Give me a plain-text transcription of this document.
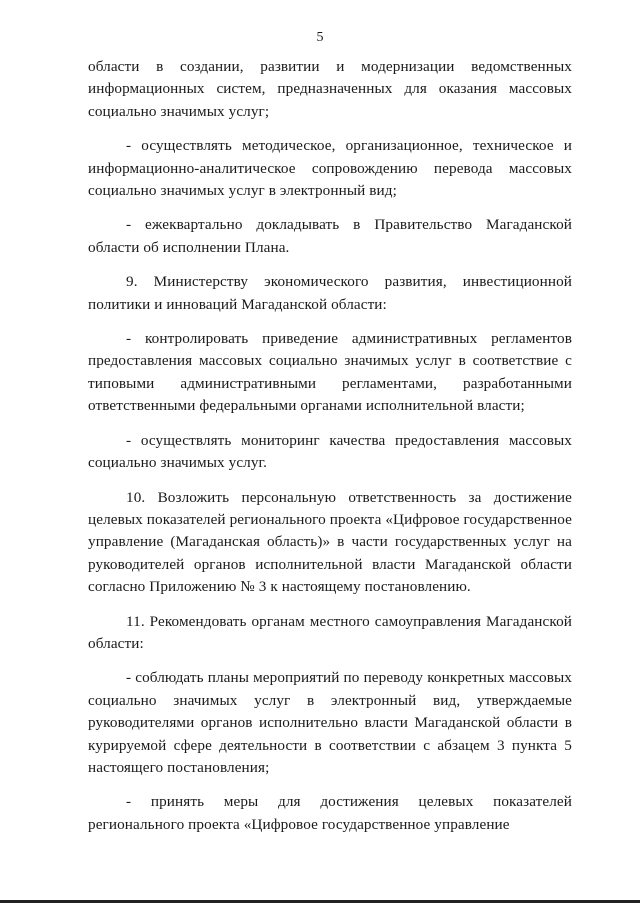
5

области в создании, развитии и модернизации ведомственных информационных систем, предназначенных для оказания массовых социально значимых услуг;

- осуществлять методическое, организационное, техническое и информационно-аналитическое сопровождению перевода массовых социально значимых услуг в электронный вид;

- ежеквартально докладывать в Правительство Магаданской области об исполнении Плана.

9. Министерству экономического развития, инвестиционной политики и инноваций Магаданской области:

- контролировать приведение административных регламентов предоставления массовых социально значимых услуг в соответствие с типовыми административными регламентами, разработанными ответственными федеральными органами исполнительной власти;

- осуществлять мониторинг качества предоставления массовых социально значимых услуг.

10. Возложить персональную ответственность за достижение целевых показателей регионального проекта «Цифровое государственное управление (Магаданская область)» в части государственных услуг на руководителей органов исполнительной власти Магаданской области согласно Приложению № 3 к настоящему постановлению.

11. Рекомендовать органам местного самоуправления Магаданской области:

- соблюдать планы мероприятий по переводу конкретных массовых социально значимых услуг в электронный вид, утверждаемые руководителями органов исполнительно власти Магаданской области в курируемой сфере деятельности в соответствии с абзацем 3 пункта 5 настоящего постановления;

- принять меры для достижения целевых показателей регионального проекта «Цифровое государственное управление
